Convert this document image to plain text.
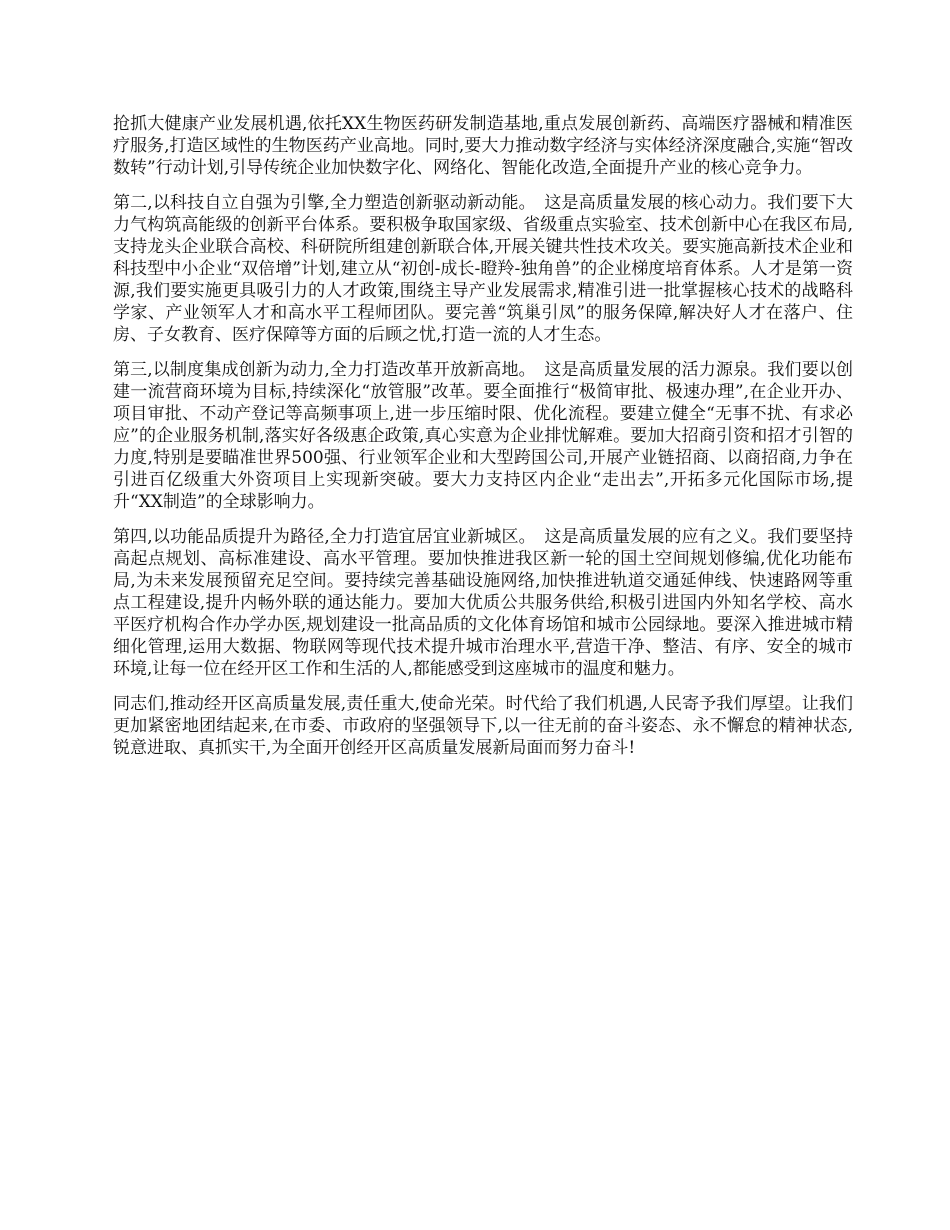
抢抓大健康产业发展机遇,依托XX生物医药研发制造基地,重点发展创新药、高端医疗器械和精准医疗服务,打造区域性的生物医药产业高地。同时,要大力推动数字经济与实体经济深度融合,实施“智改数转”行动计划,引导传统企业加快数字化、网络化、智能化改造,全面提升产业的核心竞争力。

第二,以科技自立自强为引擎,全力塑造创新驱动新动能。　这是高质量发展的核心动力。我们要下大力气构筑高能级的创新平台体系。要积极争取国家级、省级重点实验室、技术创新中心在我区布局,支持龙头企业联合高校、科研院所组建创新联合体,开展关键共性技术攻关。要实施高新技术企业和科技型中小企业“双倍增”计划,建立从“初创-成长-瞪羚-独角兽”的企业梯度培育体系。人才是第一资源,我们要实施更具吸引力的人才政策,围绕主导产业发展需求,精准引进一批掌握核心技术的战略科学家、产业领军人才和高水平工程师团队。要完善“筑巢引凤”的服务保障,解决好人才在落户、住房、子女教育、医疗保障等方面的后顾之忧,打造一流的人才生态。

第三,以制度集成创新为动力,全力打造改革开放新高地。　这是高质量发展的活力源泉。我们要以创建一流营商环境为目标,持续深化“放管服”改革。要全面推行“极简审批、极速办理”,在企业开办、项目审批、不动产登记等高频事项上,进一步压缩时限、优化流程。要建立健全“无事不扰、有求必应”的企业服务机制,落实好各级惠企政策,真心实意为企业排忧解难。要加大招商引资和招才引智的力度,特别是要瞄准世界500强、行业领军企业和大型跨国公司,开展产业链招商、以商招商,力争在引进百亿级重大外资项目上实现新突破。要大力支持区内企业“走出去”,开拓多元化国际市场,提升“XX制造”的全球影响力。

第四,以功能品质提升为路径,全力打造宜居宜业新城区。　这是高质量发展的应有之义。我们要坚持高起点规划、高标准建设、高水平管理。要加快推进我区新一轮的国土空间规划修编,优化功能布局,为未来发展预留充足空间。要持续完善基础设施网络,加快推进轨道交通延伸线、快速路网等重点工程建设,提升内畅外联的通达能力。要加大优质公共服务供给,积极引进国内外知名学校、高水平医疗机构合作办学办医,规划建设一批高品质的文化体育场馆和城市公园绿地。要深入推进城市精细化管理,运用大数据、物联网等现代技术提升城市治理水平,营造干净、整洁、有序、安全的城市环境,让每一位在经开区工作和生活的人,都能感受到这座城市的温度和魅力。

同志们,推动经开区高质量发展,责任重大,使命光荣。时代给了我们机遇,人民寄予我们厚望。让我们更加紧密地团结起来,在市委、市政府的坚强领导下,以一往无前的奋斗姿态、永不懈怠的精神状态,锐意进取、真抓实干,为全面开创经开区高质量发展新局面而努力奋斗!
